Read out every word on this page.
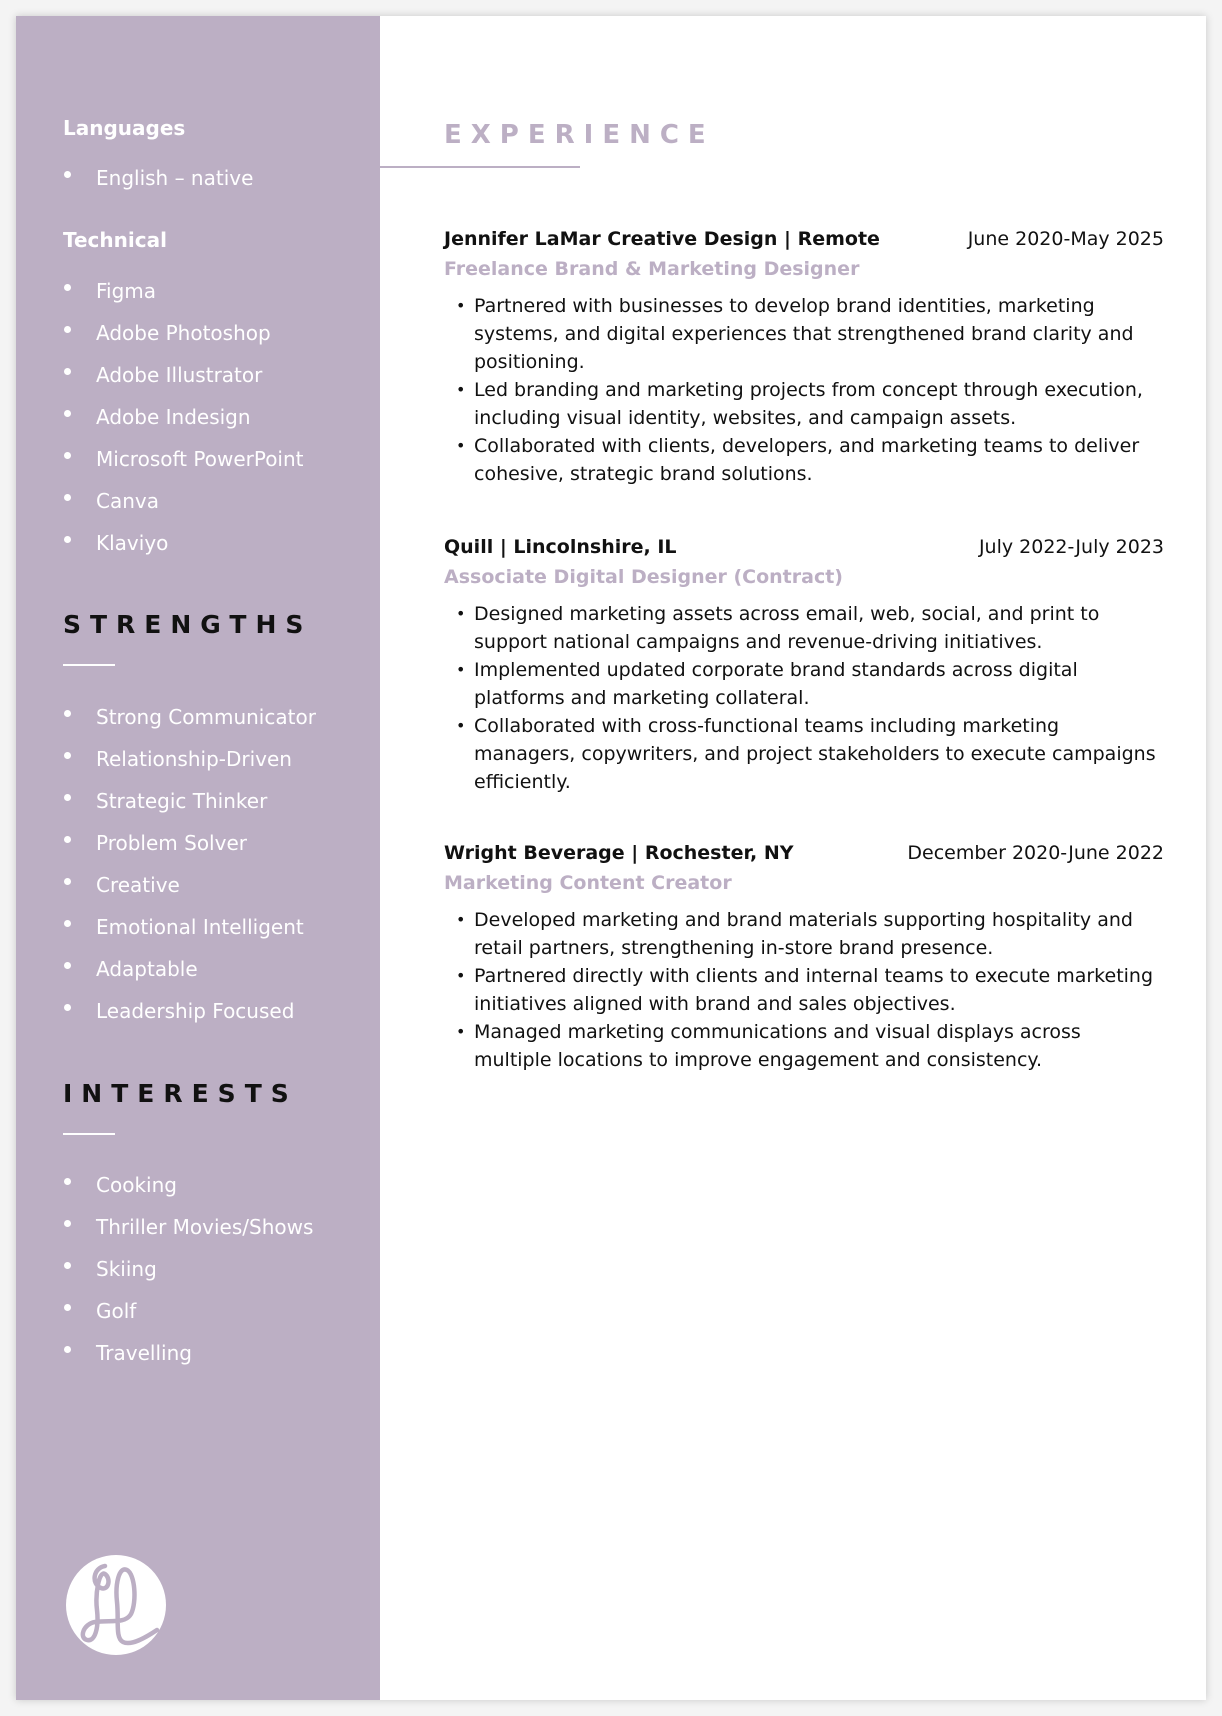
Languages
English – native
Technical
Figma
Adobe Photoshop
Adobe Illustrator
Adobe Indesign
Microsoft PowerPoint
Canva
Klaviyo
STRENGTHS
Strong Communicator
Relationship-Driven
Strategic Thinker
Problem Solver
Creative
Emotional Intelligent
Adaptable
Leadership Focused
INTERESTS
Cooking
Thriller Movies/Shows
Skiing
Golf
Travelling
EXPERIENCE
Jennifer LaMar Creative Design | Remote	June 2020-May 2025
Freelance Brand & Marketing Designer
• Partnered with businesses to develop brand identities, marketing systems, and digital experiences that strengthened brand clarity and positioning.
• Led branding and marketing projects from concept through execution, including visual identity, websites, and campaign assets.
• Collaborated with clients, developers, and marketing teams to deliver cohesive, strategic brand solutions.
Quill | Lincolnshire, IL	July 2022-July 2023
Associate Digital Designer (Contract)
• Designed marketing assets across email, web, social, and print to support national campaigns and revenue-driving initiatives.
• Implemented updated corporate brand standards across digital platforms and marketing collateral.
• Collaborated with cross-functional teams including marketing managers, copywriters, and project stakeholders to execute campaigns efficiently.
Wright Beverage | Rochester, NY	December 2020-June 2022
Marketing Content Creator
• Developed marketing and brand materials supporting hospitality and retail partners, strengthening in-store brand presence.
• Partnered directly with clients and internal teams to execute marketing initiatives aligned with brand and sales objectives.
• Managed marketing communications and visual displays across multiple locations to improve engagement and consistency.
